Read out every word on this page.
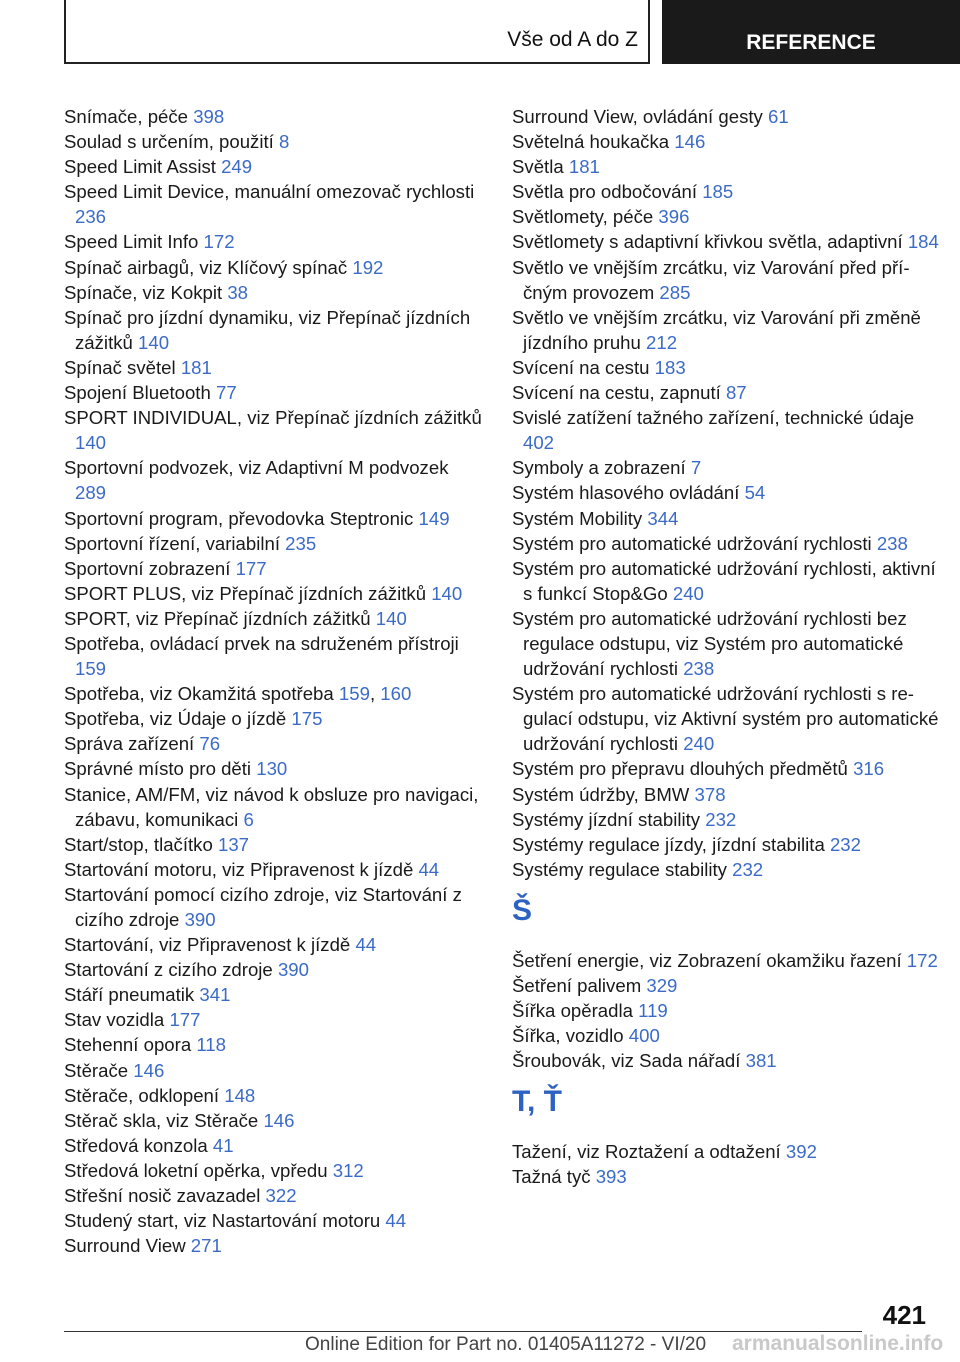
Vše od A do Z	REFERENCE
Snímače, péče 398
Soulad s určením, použití 8
Speed Limit Assist 249
Speed Limit Device, manuální omezovač rychlosti 236
Speed Limit Info 172
Spínač airbagů, viz Klíčový spínač 192
Spínače, viz Kokpit 38
Spínač pro jízdní dynamiku, viz Přepínač jízdních zážitků 140
Spínač světel 181
Spojení Bluetooth 77
SPORT INDIVIDUAL, viz Přepínač jízdních zážitků 140
Sportovní podvozek, viz Adaptivní M podvozek 289
Sportovní program, převodovka Steptronic 149
Sportovní řízení, variabilní 235
Sportovní zobrazení 177
SPORT PLUS, viz Přepínač jízdních zážitků 140
SPORT, viz Přepínač jízdních zážitků 140
Spotřeba, ovládací prvek na sdruženém přístroji 159
Spotřeba, viz Okamžitá spotřeba 159, 160
Spotřeba, viz Údaje o jízdě 175
Správa zařízení 76
Správné místo pro děti 130
Stanice, AM/FM, viz návod k obsluze pro navigaci, zábavu, komunikaci 6
Start/stop, tlačítko 137
Startování motoru, viz Připravenost k jízdě 44
Startování pomocí cizího zdroje, viz Startování z cizího zdroje 390
Startování, viz Připravenost k jízdě 44
Startování z cizího zdroje 390
Stáří pneumatik 341
Stav vozidla 177
Stehenní opora 118
Stěrače 146
Stěrače, odklopení 148
Stěrač skla, viz Stěrače 146
Středová konzola 41
Středová loketní opěrka, vpředu 312
Střešní nosič zavazadel 322
Studený start, viz Nastartování motoru 44
Surround View 271
Surround View, ovládání gesty 61
Světelná houkačka 146
Světla 181
Světla pro odbočování 185
Světlomety, péče 396
Světlomety s adaptivní křivkou světla, adaptivní 184
Světlo ve vnějším zrcátku, viz Varování před příčným provozem 285
Světlo ve vnějším zrcátku, viz Varování při změně jízdního pruhu 212
Svícení na cestu 183
Svícení na cestu, zapnutí 87
Svislé zatížení tažného zařízení, technické údaje 402
Symboly a zobrazení 7
Systém hlasového ovládání 54
Systém Mobility 344
Systém pro automatické udržování rychlosti 238
Systém pro automatické udržování rychlosti, aktivní s funkcí Stop&Go 240
Systém pro automatické udržování rychlosti bez regulace odstupu, viz Systém pro automatické udržování rychlosti 238
Systém pro automatické udržování rychlosti s regulací odstupu, viz Aktivní systém pro automatické udržování rychlosti 240
Systém pro přepravu dlouhých předmětů 316
Systém údržby, BMW 378
Systémy jízdní stability 232
Systémy regulace jízdy, jízdní stabilita 232
Systémy regulace stability 232
Š
Šetření energie, viz Zobrazení okamžiku řazení 172
Šetření palivem 329
Šířka opěradla 119
Šířka, vozidlo 400
Šroubovák, viz Sada nářadí 381
T, Ť
Tažení, viz Roztažení a odtažení 392
Tažná tyč 393
421
Online Edition for Part no. 01405A11272 - VI/20 armanualsonline.info
